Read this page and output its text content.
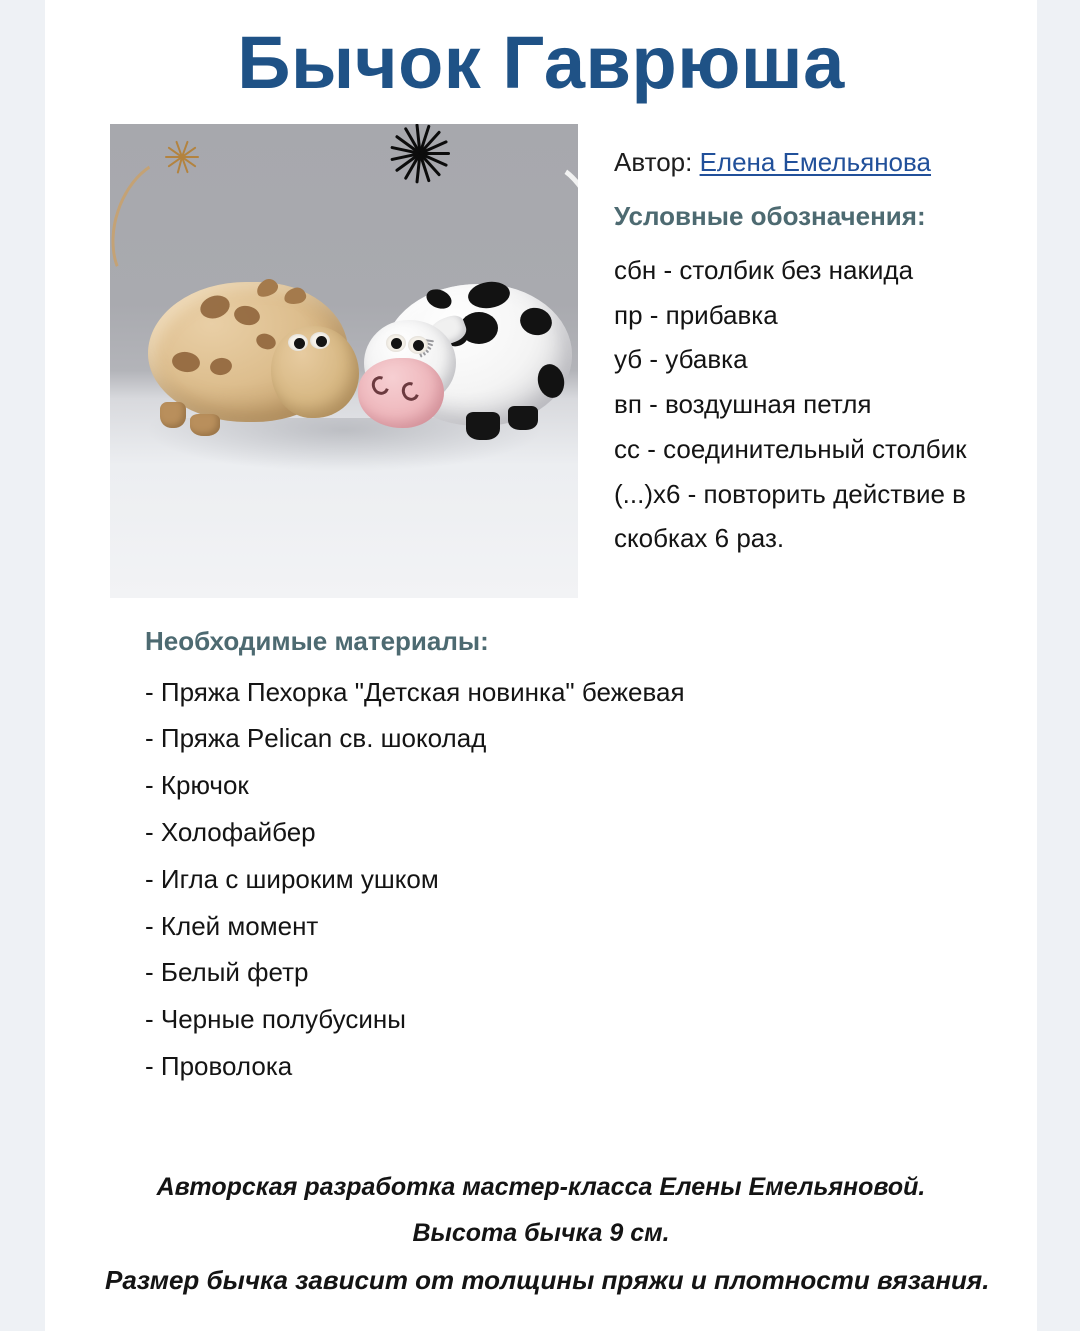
Бычок Гаврюша
Автор: Елена Емельянова
Условные обозначения:
сбн - столбик без накида
пр - прибавка
уб - убавка
вп - воздушная петля
сс - соединительный столбик
(...)х6 - повторить действие в
скобках 6 раз.
Необходимые материалы:
- Пряжа Пехорка "Детская новинка" бежевая
- Пряжа Pelican св. шоколад
- Крючок
- Холофайбер
- Игла с широким ушком
- Клей момент
- Белый фетр
- Черные полубусины
- Проволока

Авторская разработка мастер-класса Елены Емельяновой.

Высота бычка 9 см.

Размер бычка зависит от толщины пряжи и плотности вязания.
